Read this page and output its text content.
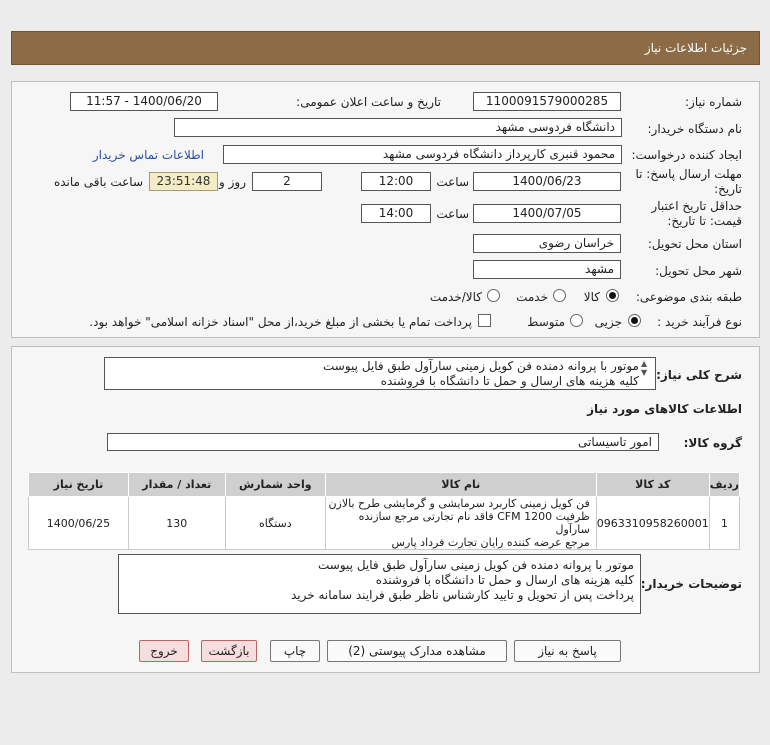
جزئیات اطلاعات نیاز
شماره نیاز:
1100091579000285
تاریخ و ساعت اعلان عمومی:
1400/06/20 - 11:57
نام دستگاه خریدار:
دانشگاه فردوسی مشهد
ایجاد کننده درخواست:
محمود قنبری کارپرداز دانشگاه فردوسی مشهد
اطلاعات تماس خریدار
مهلت ارسال پاسخ: تا تاریخ:
1400/06/23
ساعت
12:00
2
روز و
23:51:48
ساعت باقی مانده
حداقل تاریخ اعتبار قیمت: تا تاریخ:
1400/07/05
ساعت
14:00
استان محل تحویل:
خراسان رضوی
شهر محل تحویل:
مشهد
طبقه بندی موضوعی:
کالا
خدمت
کالا/خدمت
نوع فرآیند خرید :
جزیی
متوسط
پرداخت تمام یا بخشی از مبلغ خرید،از محل "اسناد خزانه اسلامی" خواهد بود.
شرح کلی نیاز:
موتور با پروانه دمنده فن کویل زمینی سارآول طبق فایل پیوست
کلیه هزینه های ارسال و حمل تا دانشگاه با فروشنده
▲
▼
اطلاعات کالاهای مورد نیاز
گروه کالا:
امور تاسیساتی
ردیف	کد کالا	نام کالا	واحد شمارش	تعداد / مقدار	تاریخ نیاز
1	0963310958260001	فن کویل زمینی کاربرد سرمایشی و گرمایشی طرح بالازن
ظرفیت CFM 1200 فاقد نام تجارتی مرجع سازنده سارآول
مرجع عرضه کننده رایان تجارت فرداد پارس	دستگاه	130	1400/06/25
توضیحات خریدار:
موتور با پروانه دمنده فن کویل زمینی سارآول طبق فایل پیوست
کلیه هزینه های ارسال و حمل تا دانشگاه با فروشنده
پرداخت پس از تحویل و تایید کارشناس ناظر طبق فرایند سامانه خرید
پاسخ به نیاز
مشاهده مدارک پیوستی (2)
چاپ
بازگشت
خروج
